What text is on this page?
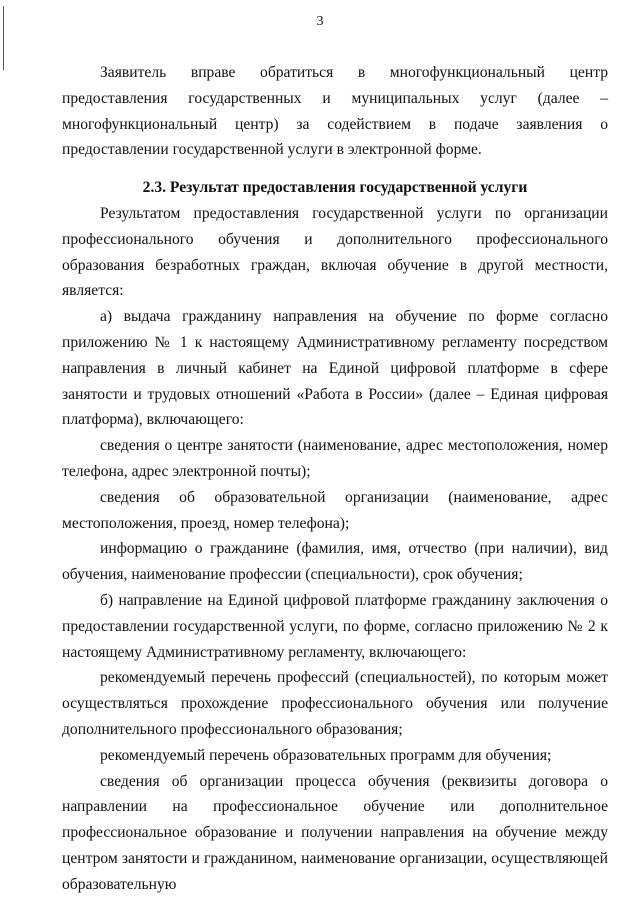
3

Заявитель вправе обратиться в многофункциональный центр предоставления государственных и муниципальных услуг (далее – многофункциональный центр) за содействием в подаче заявления о предоставлении государственной услуги в электронной форме.

2.3. Результат предоставления государственной услуги

Результатом предоставления государственной услуги по организации профессионального обучения и дополнительного профессионального образования безработных граждан, включая обучение в другой местности, является:

а) выдача гражданину направления на обучение по форме согласно приложению № 1 к настоящему Административному регламенту посредством направления в личный кабинет на Единой цифровой платформе в сфере занятости и трудовых отношений «Работа в России» (далее – Единая цифровая платформа), включающего:

сведения о центре занятости (наименование, адрес местоположения, номер телефона, адрес электронной почты);

сведения об образовательной организации (наименование, адрес местоположения, проезд, номер телефона);

информацию о гражданине (фамилия, имя, отчество (при наличии), вид обучения, наименование профессии (специальности), срок обучения;

б) направление на Единой цифровой платформе гражданину заключения о предоставлении государственной услуги, по форме, согласно приложению № 2 к настоящему Административному регламенту, включающего:

рекомендуемый перечень профессий (специальностей), по которым может осуществляться прохождение профессионального обучения или получение дополнительного профессионального образования;

рекомендуемый перечень образовательных программ для обучения;

сведения об организации процесса обучения (реквизиты договора о направлении на профессиональное обучение или дополнительное профессиональное образование и получении направления на обучение между центром занятости и гражданином, наименование организации, осуществляющей образовательную
